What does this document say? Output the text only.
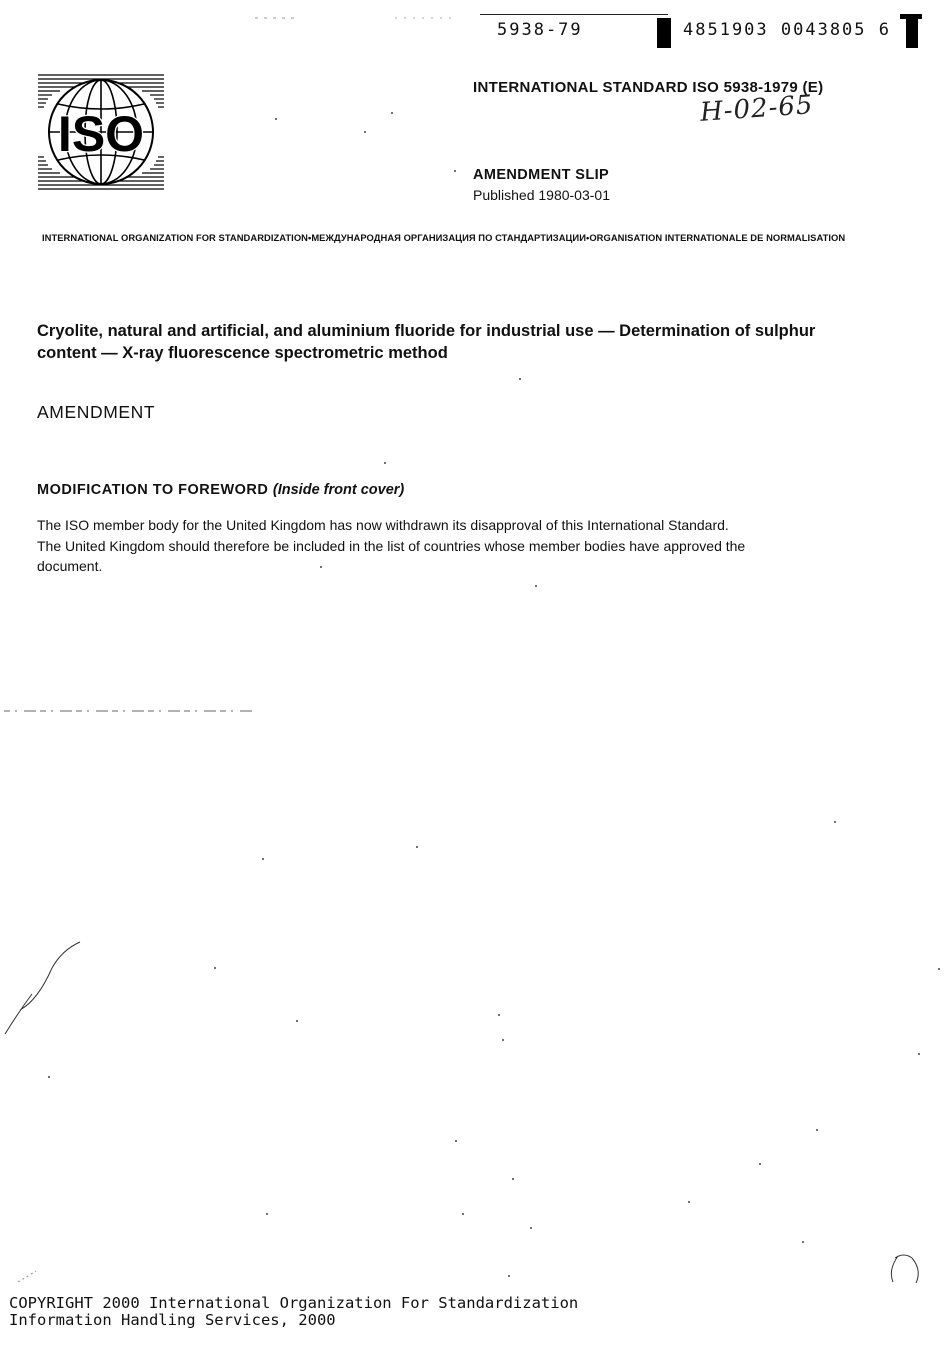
5938-79	4851903 0043805 6
ISO
INTERNATIONAL STANDARD ISO 5938-1979 (E)
H-02-65
AMENDMENT SLIP
Published 1980-03-01
INTERNATIONAL ORGANIZATION FOR STANDARDIZATION•МЕЖДУНАРОДНАЯ ОРГАНИЗАЦИЯ ПО СТАНДАРТИЗАЦИИ•ORGANISATION INTERNATIONALE DE NORMALISATION
Cryolite, natural and artificial, and aluminium fluoride for industrial use — Determination of sulphur
content — X-ray fluorescence spectrometric method
AMENDMENT
MODIFICATION TO FOREWORD (Inside front cover)
The ISO member body for the United Kingdom has now withdrawn its disapproval of this International Standard.
The United Kingdom should therefore be included in the list of countries whose member bodies have approved the
document.
COPYRIGHT 2000 International Organization For Standardization
Information Handling Services, 2000
